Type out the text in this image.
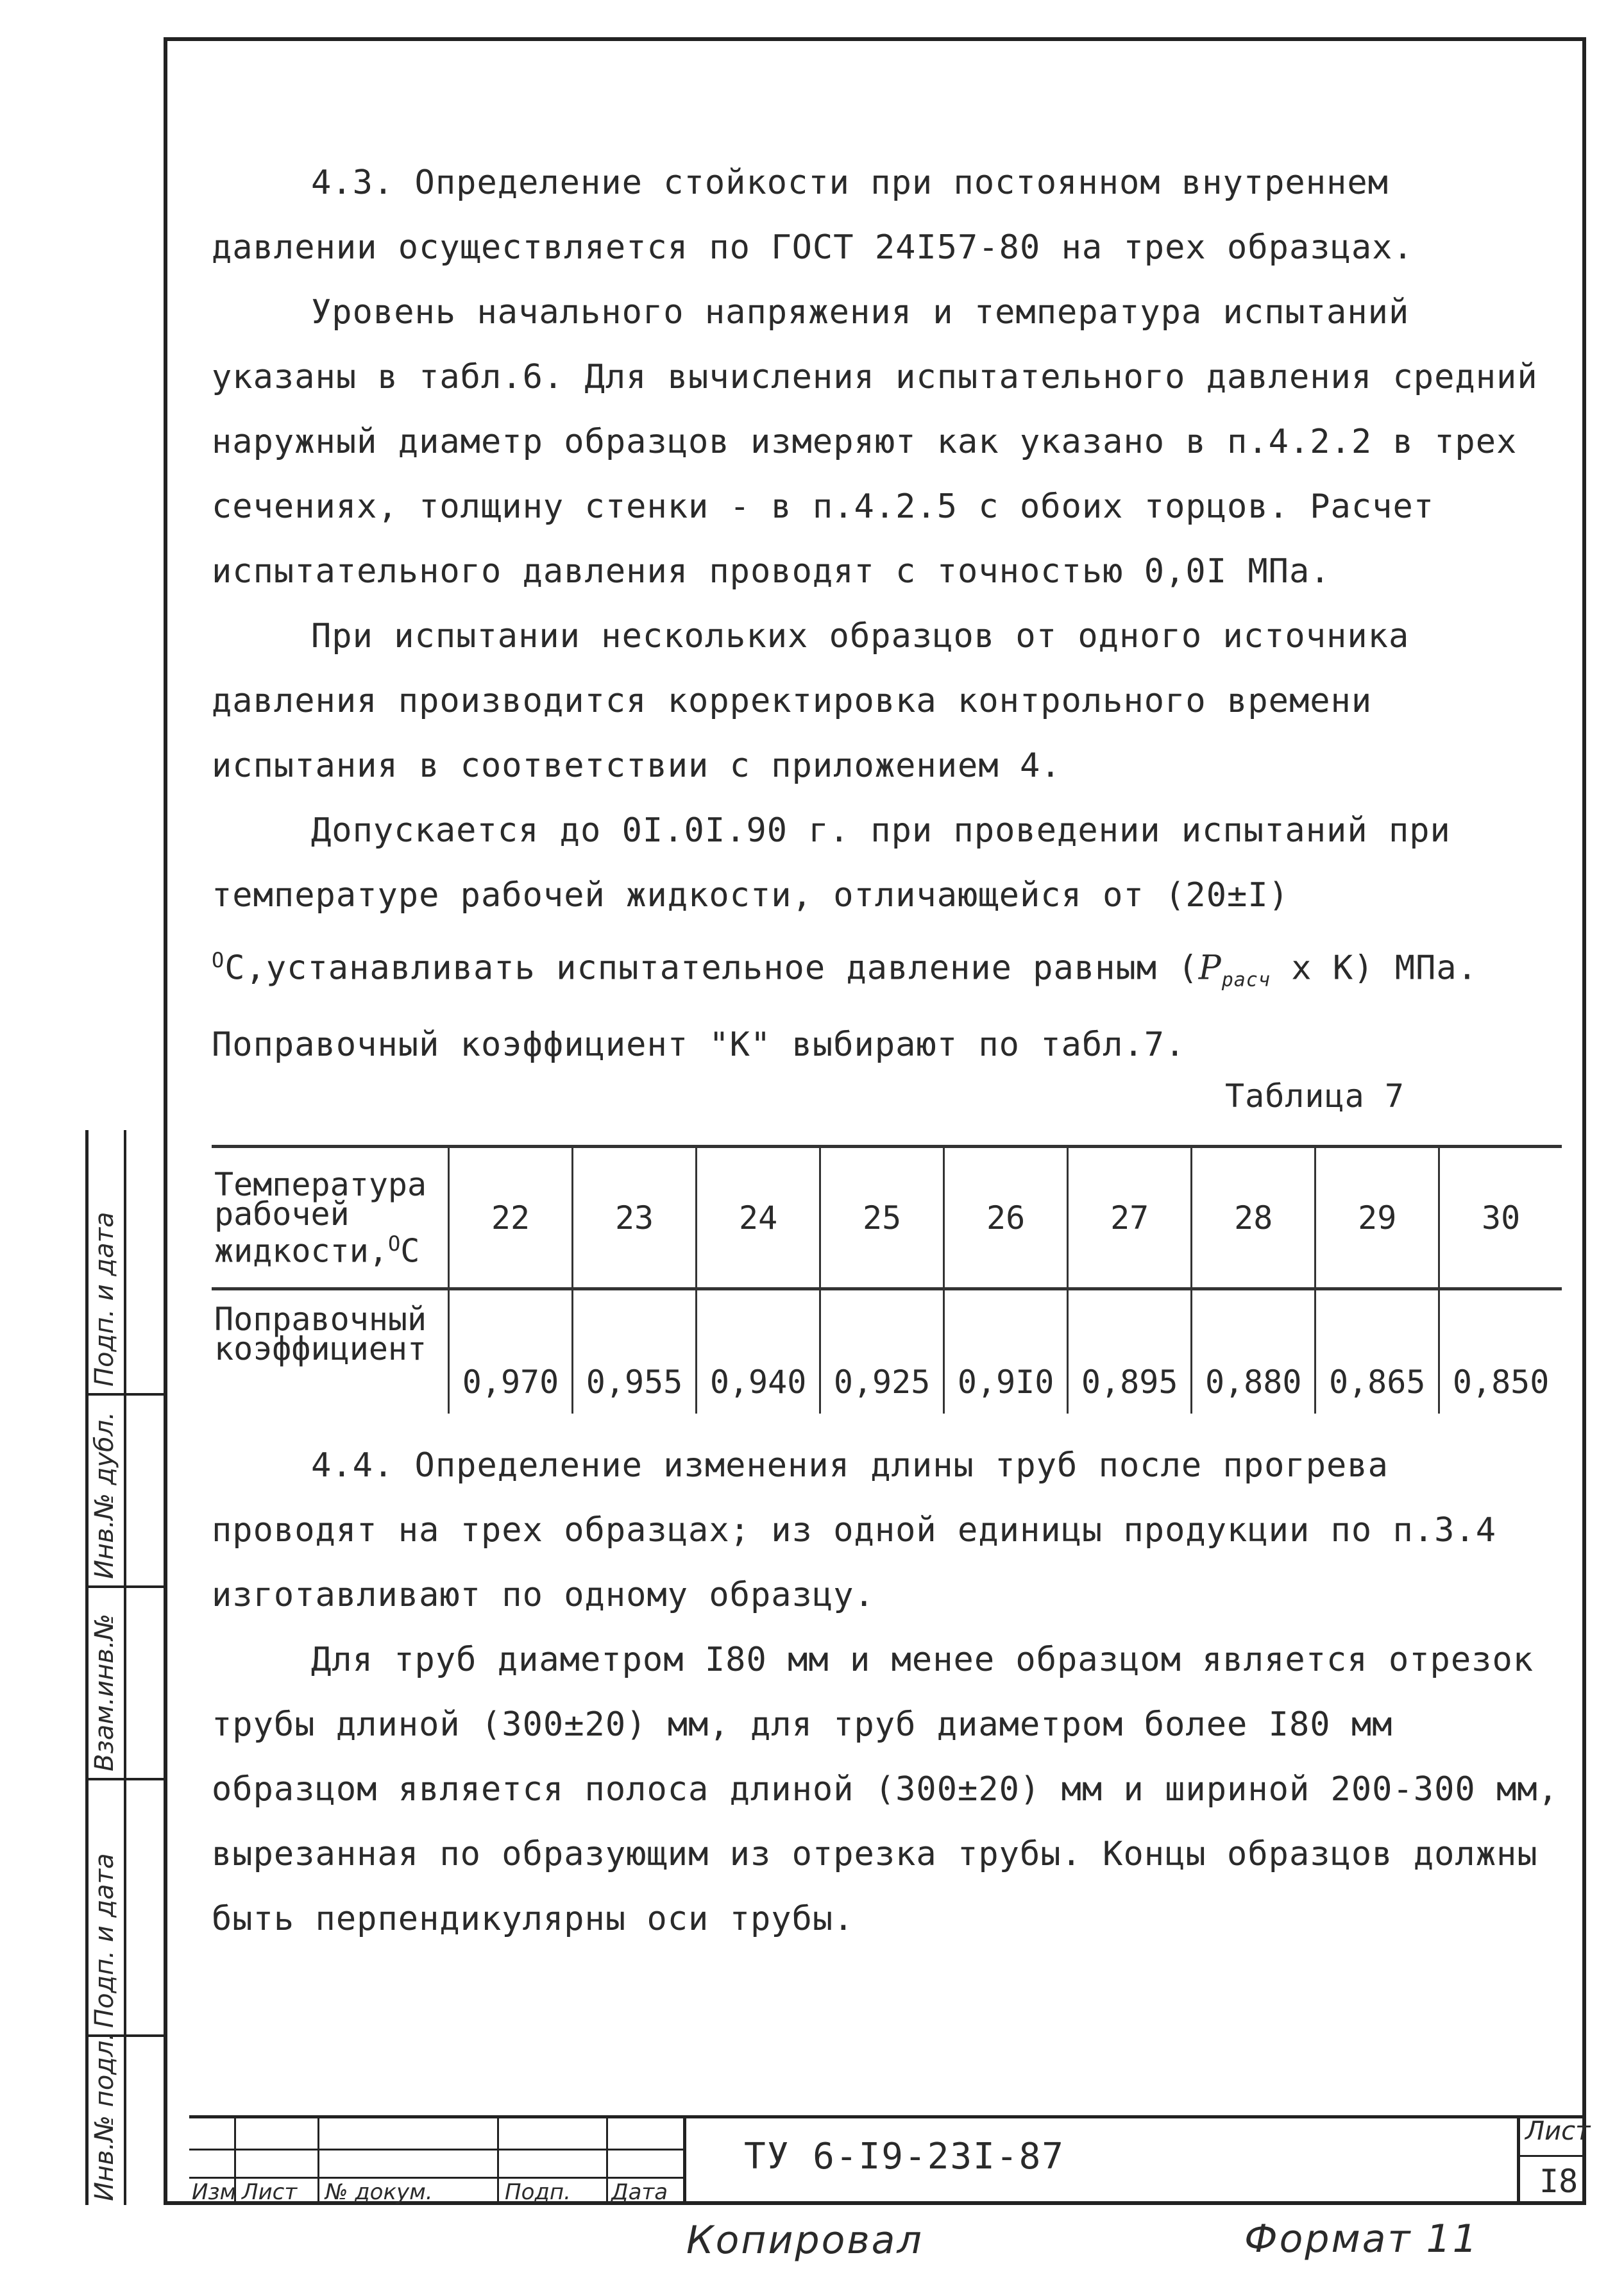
4.3. Определение стойкости при постоянном внутреннем давлении осуществляется по ГОСТ 24I57-80 на трех образцах.

Уровень начального напряжения и температура испытаний указаны в табл.6. Для вычисления испытательного давления средний наружный диаметр образцов измеряют как указано в п.4.2.2 в трех сечениях, толщину стенки - в п.4.2.5 с обоих торцов. Расчет испытательного давления проводят с точностью 0,0I МПа.

При испытании нескольких образцов от одного источника давления производится корректировка контрольного времени испытания в соответствии с приложением 4.

Допускается до 0I.0I.90 г. при проведении испытаний при температуре рабочей жидкости, отличающейся от (20±I) $^О$С,устанавливать испытательное давление равным ($P_{расч}$ x К) МПа. Поправочный коэффициент "К" выбирают по табл.7.

Таблица 7
Температура
рабочей
жидкости,$^О$С	22	23	24	25	26	27	28	29	30

Поправочный
коэффициент	0,970	0,955	0,940	0,925	0,9I0	0,895	0,880	0,865	0,850

4.4. Определение изменения длины труб после прогрева проводят на трех образцах; из одной единицы продукции по п.3.4 изготавливают по одному образцу.

Для труб диаметром I80 мм и менее образцом является отрезок трубы длиной (300±20) мм, для труб диаметром более I80 мм образцом является полоса длиной (300±20) мм и шириной 200-300 мм, вырезанная по образующим из отрезка трубы. Концы образцов должны быть перпендикулярны оси трубы.

Подп. и дата
Инв.№ дубл.
Взам.инв.№
Подп. и дата
Инв.№ подл.	Изм Лист № докум.	Подп. Дата
ТУ 6-I9-23I-87
Лист
I8
Копировал	Формат 11
